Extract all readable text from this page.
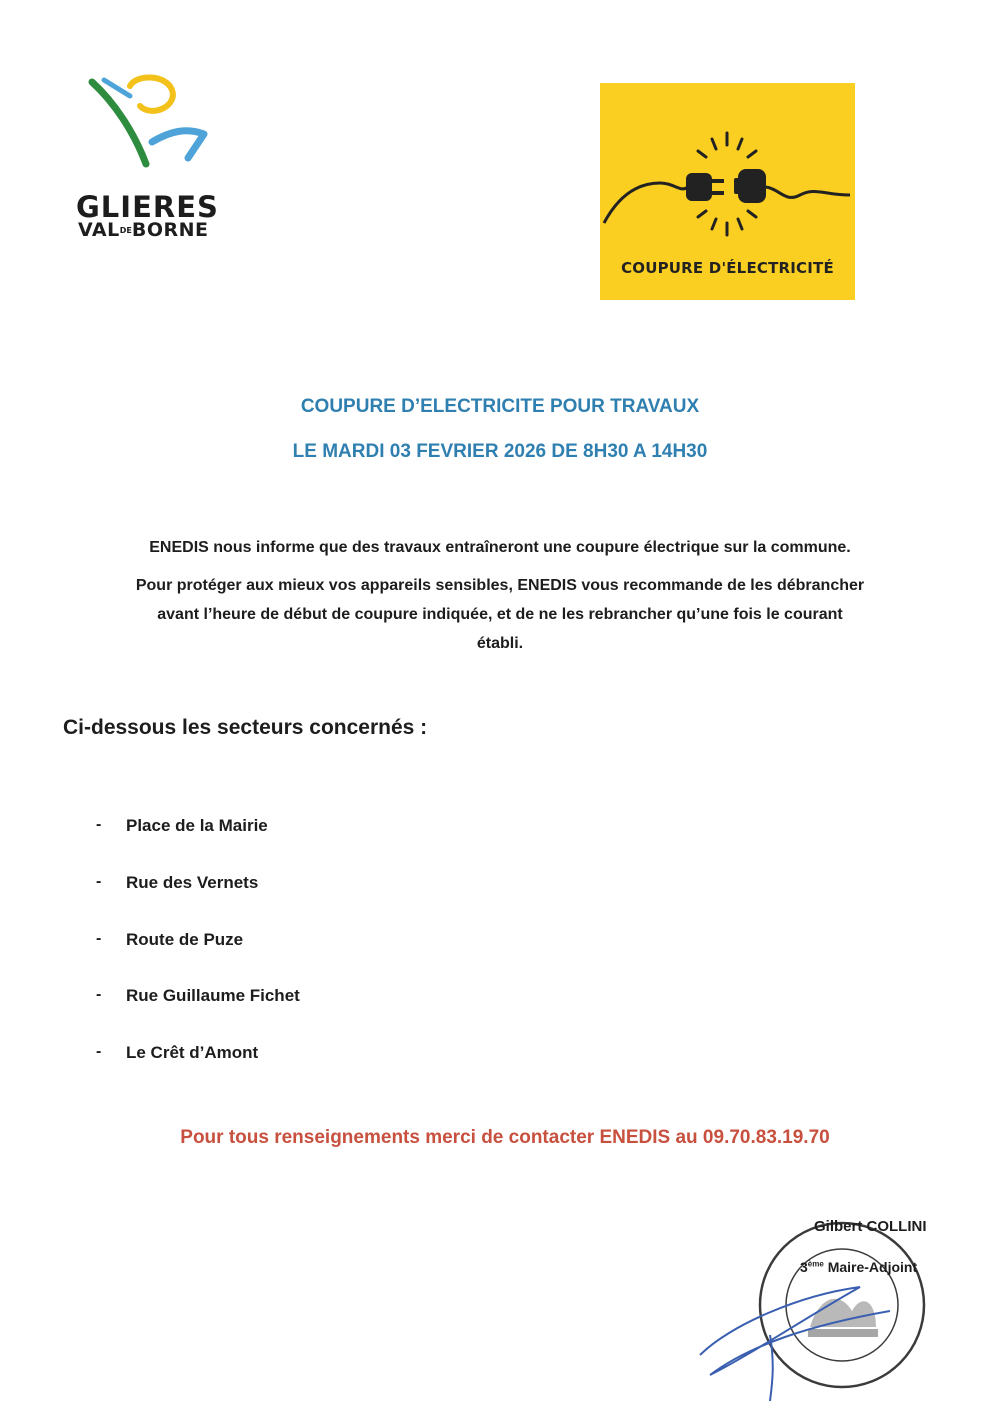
GLIERES
VALDEBORNE
COUPURE D'ÉLECTRICITÉ
COUPURE D’ELECTRICITE POUR TRAVAUX
LE MARDI 03 FEVRIER 2026 DE 8H30 A 14H30
ENEDIS nous informe que des travaux entraîneront une coupure électrique sur la commune.
Pour protéger aux mieux vos appareils sensibles, ENEDIS vous recommande de les débrancher
avant l’heure de début de coupure indiquée, et de ne les rebrancher qu’une fois le courant
établi.
Ci-dessous les secteurs concernés :
- Place de la Mairie
- Rue des Vernets
- Route de Puze
- Rue Guillaume Fichet
- Le Crêt d’Amont
Pour tous renseignements merci de contacter ENEDIS au 09.70.83.19.70
Gilbert COLLINI
3ème Maire-Adjoint
